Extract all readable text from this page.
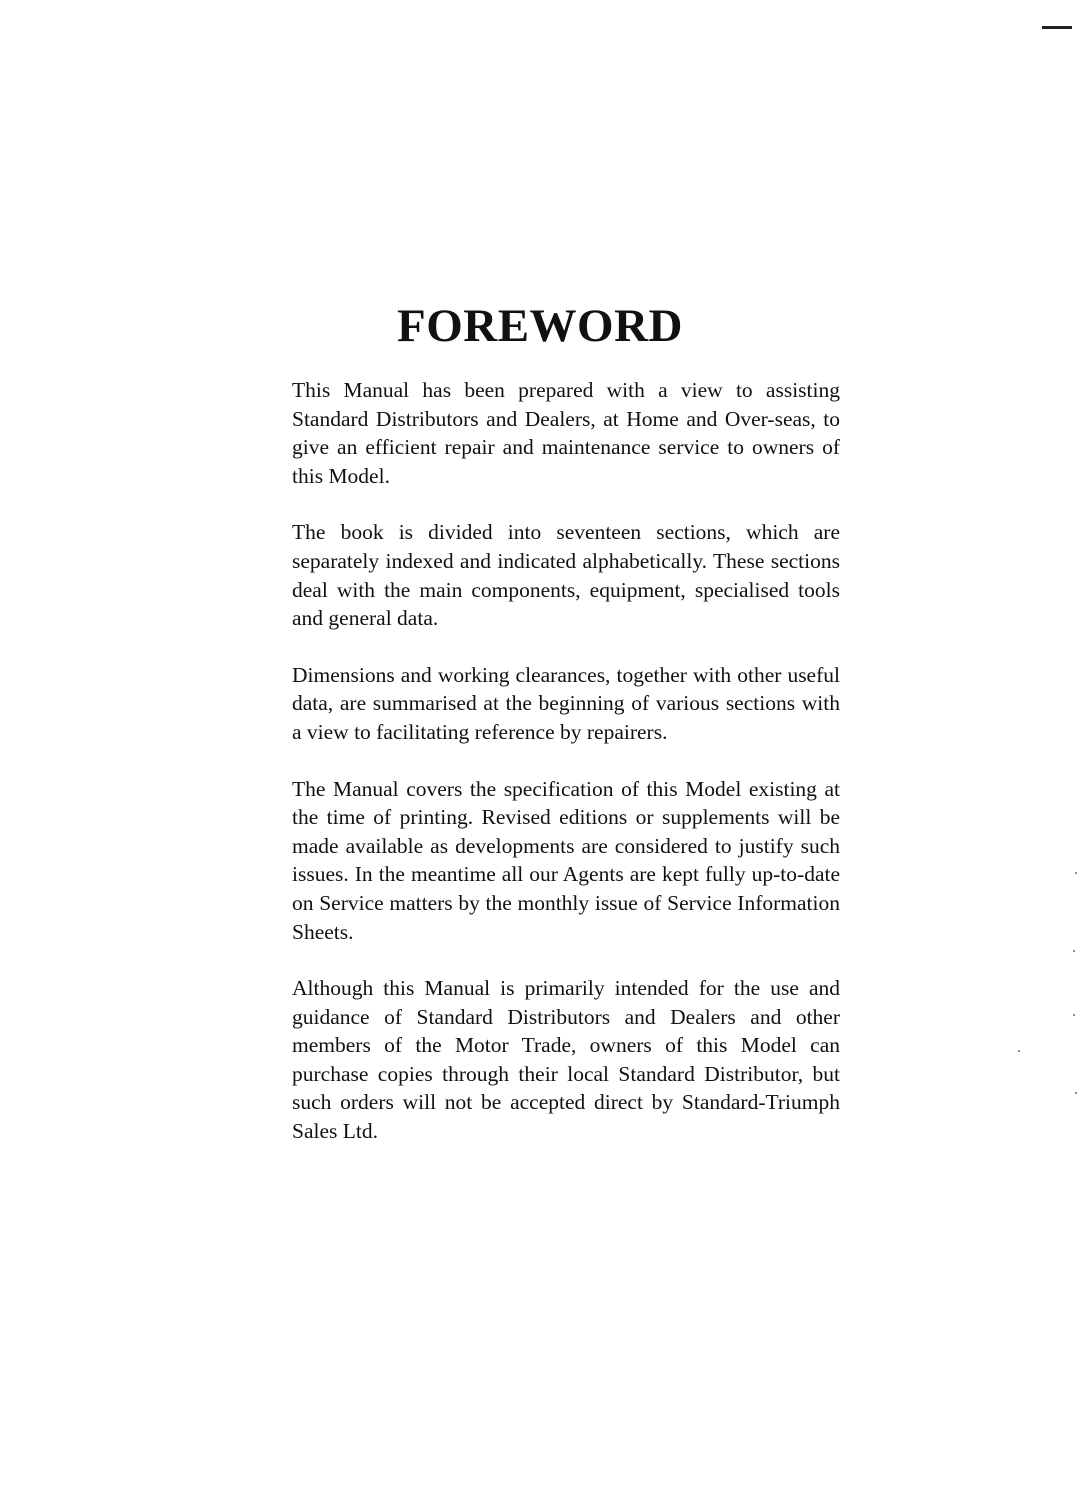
FOREWORD

This Manual has been prepared with a view to assisting Standard Distributors and Dealers, at Home and Over-seas, to give an efficient repair and maintenance service to owners of this Model.

The book is divided into seventeen sections, which are separately indexed and indicated alphabetically. These sections deal with the main components, equipment, specialised tools and general data.

Dimensions and working clearances, together with other useful data, are summarised at the beginning of various sections with a view to facilitating reference by repairers.

The Manual covers the specification of this Model existing at the time of printing. Revised editions or supplements will be made available as developments are considered to justify such issues. In the meantime all our Agents are kept fully up-to-date on Service matters by the monthly issue of Service Information Sheets.

Although this Manual is primarily intended for the use and guidance of Standard Distributors and Dealers and other members of the Motor Trade, owners of this Model can purchase copies through their local Standard Distributor, but such orders will not be accepted direct by Standard-Triumph Sales Ltd.
